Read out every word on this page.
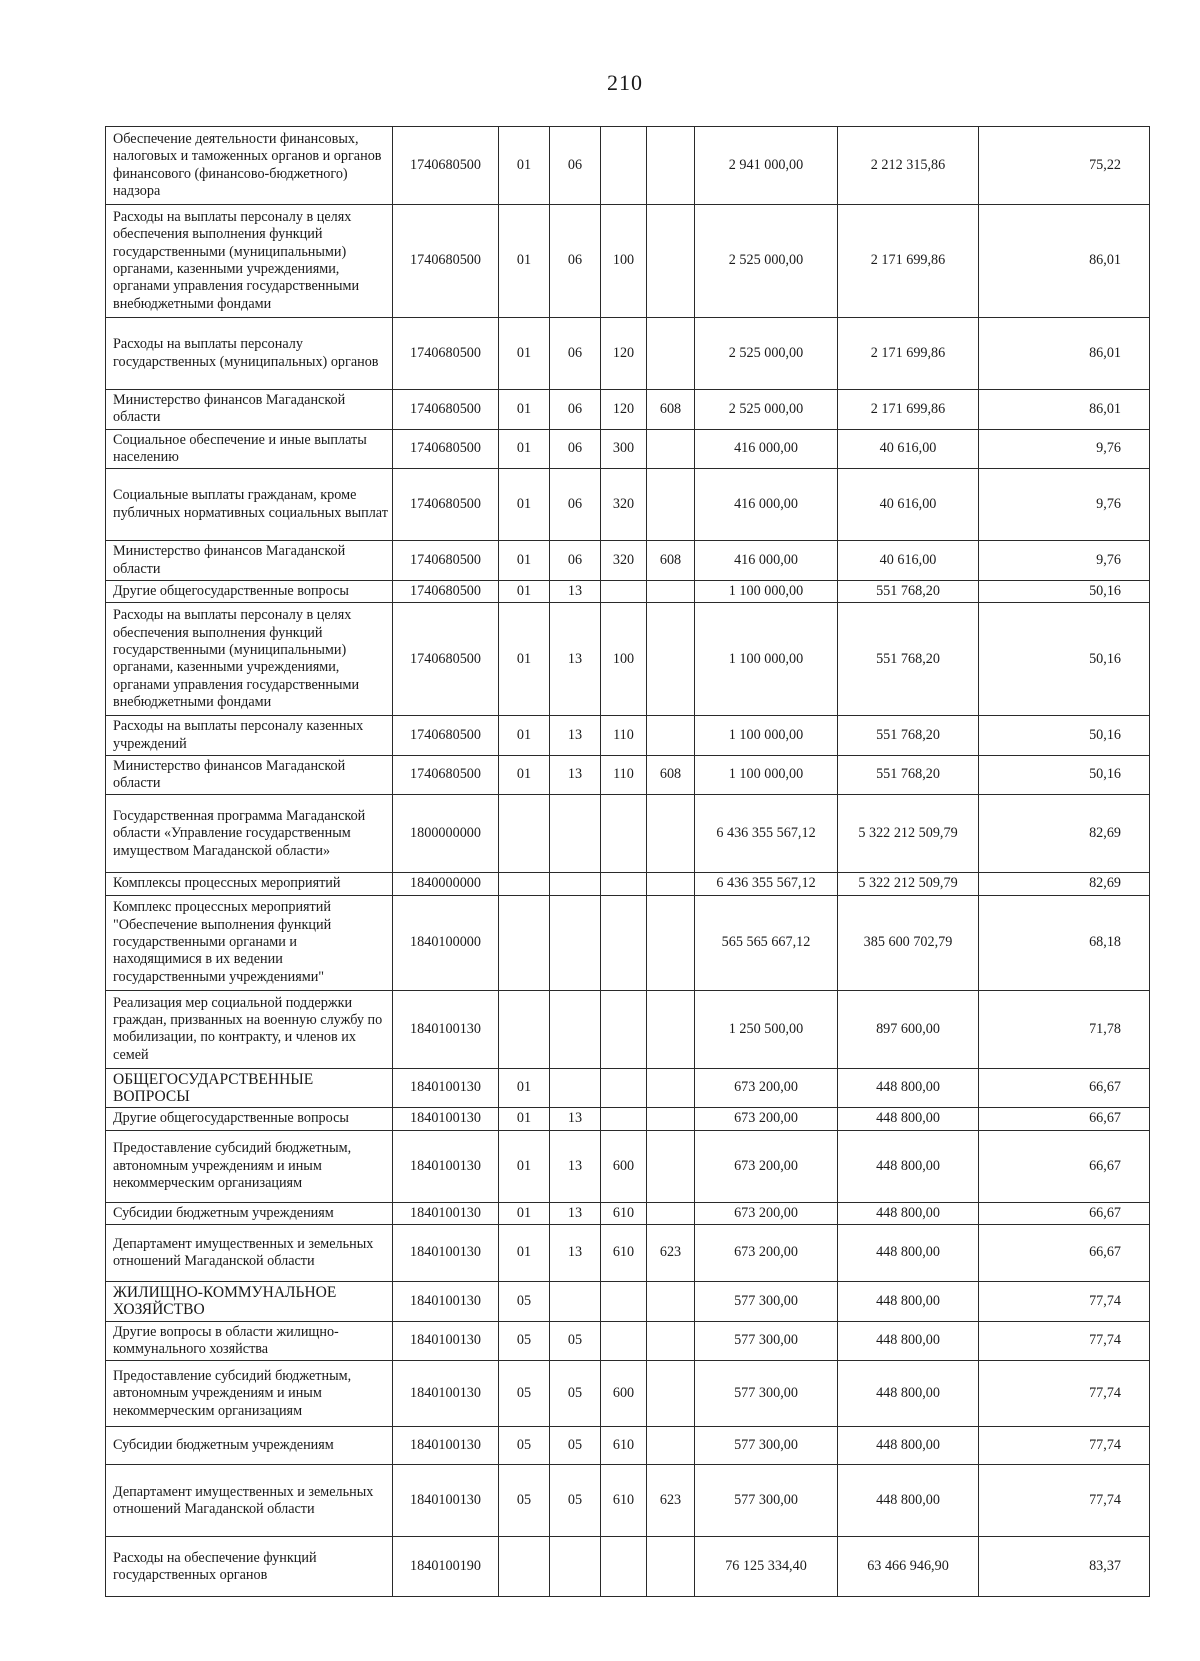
210
Обеспечение деятельности финансовых, налоговых и таможенных органов и органов финансового (финансово-бюджетного) надзора	1740680500	01	06			2 941 000,00	2 212 315,86	75,22
Расходы на выплаты персоналу в целях обеспечения выполнения функций государственными (муниципальными) органами, казенными учреждениями, органами управления государственными внебюджетными фондами	1740680500	01	06	100		2 525 000,00	2 171 699,86	86,01
Расходы на выплаты персоналу государственных (муниципальных) органов	1740680500	01	06	120		2 525 000,00	2 171 699,86	86,01
Министерство финансов Магаданской области	1740680500	01	06	120	608	2 525 000,00	2 171 699,86	86,01
Социальное обеспечение и иные выплаты населению	1740680500	01	06	300		416 000,00	40 616,00	9,76
Социальные выплаты гражданам, кроме публичных нормативных социальных выплат	1740680500	01	06	320		416 000,00	40 616,00	9,76
Министерство финансов Магаданской области	1740680500	01	06	320	608	416 000,00	40 616,00	9,76
Другие общегосударственные вопросы	1740680500	01	13			1 100 000,00	551 768,20	50,16
Расходы на выплаты персоналу в целях обеспечения выполнения функций государственными (муниципальными) органами, казенными учреждениями, органами управления государственными внебюджетными фондами	1740680500	01	13	100		1 100 000,00	551 768,20	50,16
Расходы на выплаты персоналу казенных учреждений	1740680500	01	13	110		1 100 000,00	551 768,20	50,16
Министерство финансов Магаданской области	1740680500	01	13	110	608	1 100 000,00	551 768,20	50,16
Государственная программа Магаданской области «Управление государственным имуществом Магаданской области»	1800000000					6 436 355 567,12	5 322 212 509,79	82,69
Комплексы процессных мероприятий	1840000000					6 436 355 567,12	5 322 212 509,79	82,69
Комплекс процессных мероприятий "Обеспечение выполнения функций государственными органами и находящимися в их ведении государственными учреждениями"	1840100000					565 565 667,12	385 600 702,79	68,18
Реализация мер социальной поддержки граждан, призванных на военную службу по мобилизации, по контракту, и членов их семей	1840100130					1 250 500,00	897 600,00	71,78
ОБЩЕГОСУДАРСТВЕННЫЕ ВОПРОСЫ	1840100130	01				673 200,00	448 800,00	66,67
Другие общегосударственные вопросы	1840100130	01	13			673 200,00	448 800,00	66,67
Предоставление субсидий бюджетным, автономным учреждениям и иным некоммерческим организациям	1840100130	01	13	600		673 200,00	448 800,00	66,67
Субсидии бюджетным учреждениям	1840100130	01	13	610		673 200,00	448 800,00	66,67
Департамент имущественных и земельных отношений Магаданской области	1840100130	01	13	610	623	673 200,00	448 800,00	66,67
ЖИЛИЩНО-КОММУНАЛЬНОЕ ХОЗЯЙСТВО	1840100130	05				577 300,00	448 800,00	77,74
Другие вопросы в области жилищно-коммунального хозяйства	1840100130	05	05			577 300,00	448 800,00	77,74
Предоставление субсидий бюджетным, автономным учреждениям и иным некоммерческим организациям	1840100130	05	05	600		577 300,00	448 800,00	77,74
Субсидии бюджетным учреждениям	1840100130	05	05	610		577 300,00	448 800,00	77,74
Департамент имущественных и земельных отношений Магаданской области	1840100130	05	05	610	623	577 300,00	448 800,00	77,74
Расходы на обеспечение функций государственных органов	1840100190					76 125 334,40	63 466 946,90	83,37
